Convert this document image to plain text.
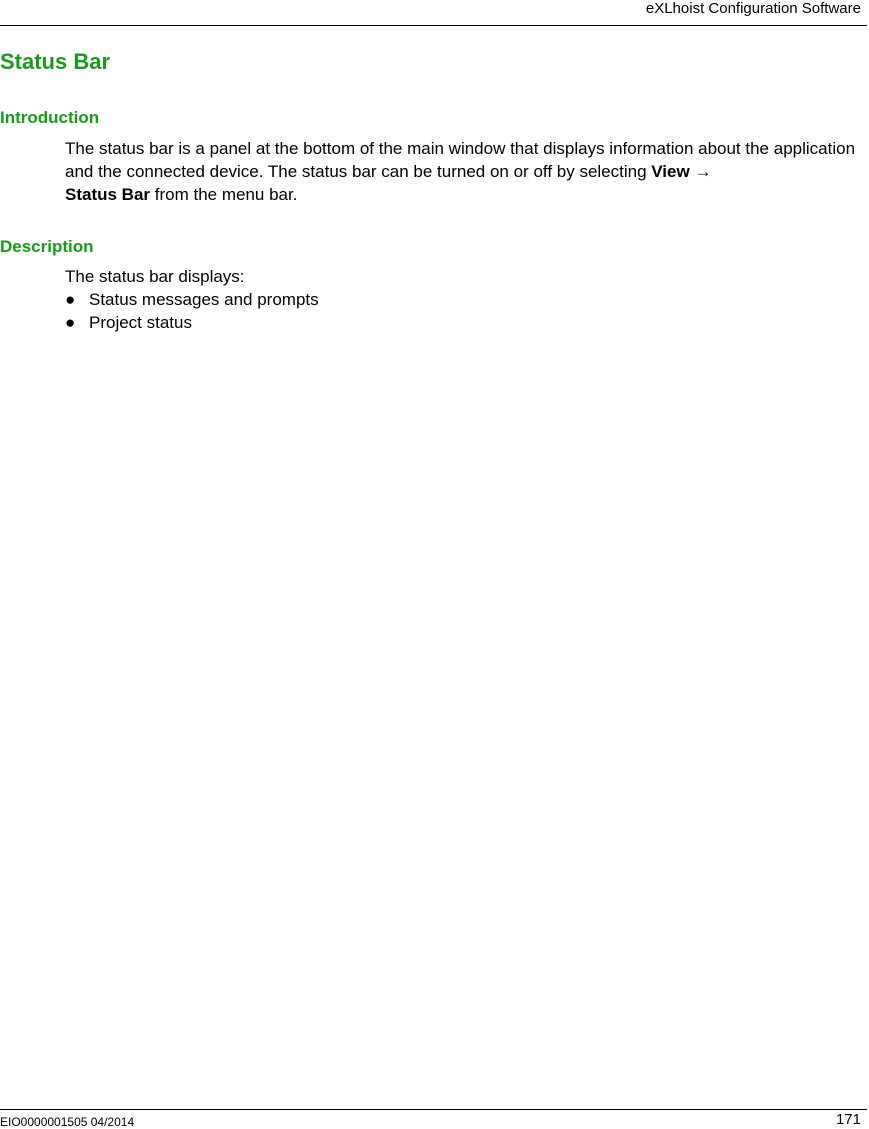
eXLhoist Configuration Software
Status Bar
Introduction

The status bar is a panel at the bottom of the main window that displays information about the application and the connected device. The status bar can be turned on or off by selecting View →
Status Bar from the menu bar.

Description

The status bar displays:

● Status messages and prompts
● Project status
EIO0000001505 04/2014	171
